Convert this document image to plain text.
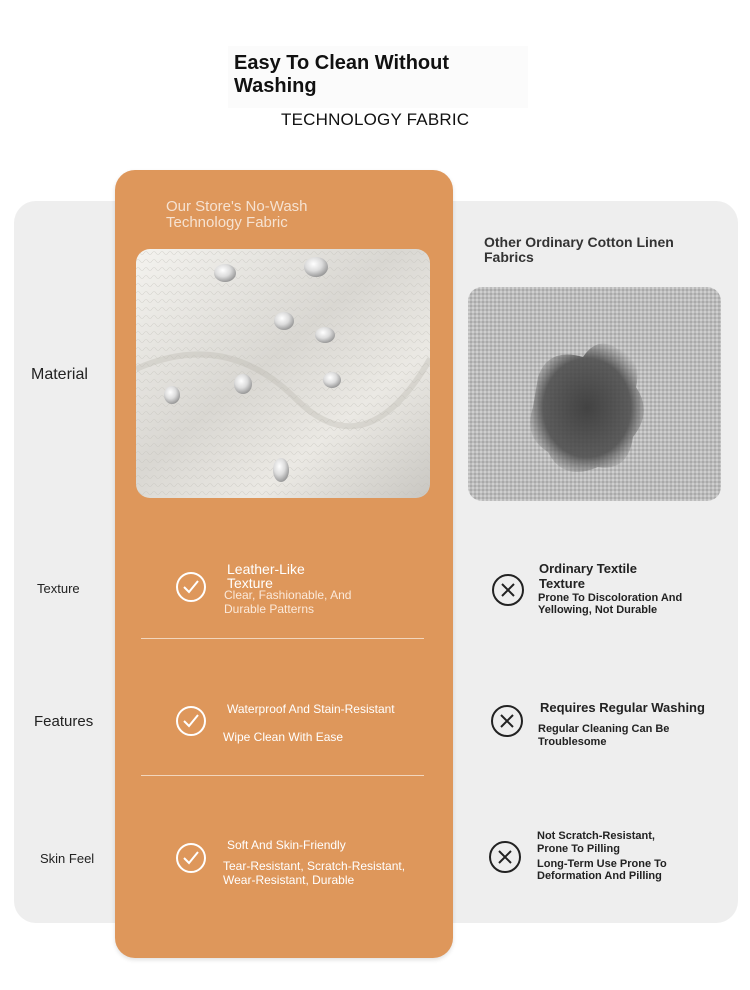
Easy To Clean Without Washing
TECHNOLOGY FABRIC
Our Store's No-Wash Technology Fabric
Other Ordinary Cotton Linen Fabrics
Material
Texture
Features
Skin Feel
Leather-Like Texture
Clear, Fashionable, And Durable Patterns
Ordinary Textile Texture
Prone To Discoloration And Yellowing, Not Durable
Waterproof And Stain-Resistant
Wipe Clean With Ease
Requires Regular Washing
Regular Cleaning Can Be Troublesome
Soft And Skin-Friendly
Tear-Resistant, Scratch-Resistant, Wear-Resistant, Durable
Not Scratch-Resistant, Prone To Pilling
Long-Term Use Prone To Deformation And Pilling
